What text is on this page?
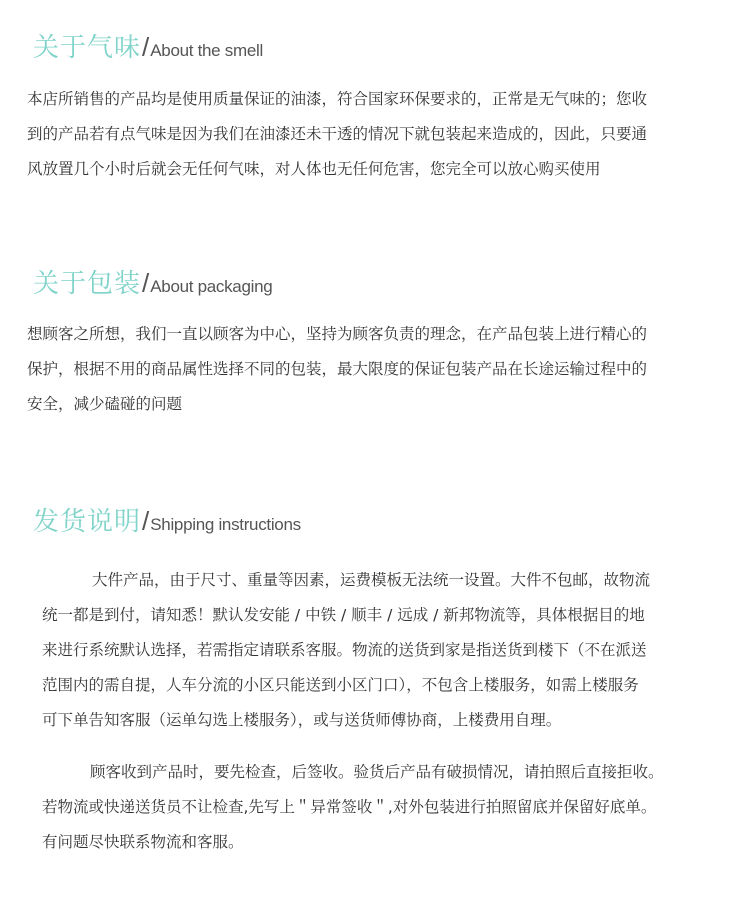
关于气味/About the smell
本店所销售的产品均是使用质量保证的油漆，符合国家环保要求的，正常是无气味的；您收
到的产品若有点气味是因为我们在油漆还未干透的情况下就包装起来造成的，因此，只要通
风放置几个小时后就会无任何气味，对人体也无任何危害，您完全可以放心购买使用
关于包装/About packaging
想顾客之所想，我们一直以顾客为中心，坚持为顾客负责的理念，在产品包装上进行精心的
保护，根据不用的商品属性选择不同的包装，最大限度的保证包装产品在长途运输过程中的
安全，减少磕碰的问题
发货说明/Shipping instructions
大件产品，由于尺寸、重量等因素，运费模板无法统一设置。大件不包邮，故物流
统一都是到付，请知悉！默认发安能 / 中铁 / 顺丰 / 远成 / 新邦物流等，具体根据目的地
来进行系统默认选择，若需指定请联系客服。物流的送货到家是指送货到楼下（不在派送
范围内的需自提，人车分流的小区只能送到小区门口），不包含上楼服务，如需上楼服务
可下单告知客服（运单勾选上楼服务），或与送货师傅协商，上楼费用自理。
顾客收到产品时，要先检查，后签收。验货后产品有破损情况，请拍照后直接拒收。
若物流或快递送货员不让检查,先写上＂异常签收＂,对外包装进行拍照留底并保留好底单。
有问题尽快联系物流和客服。
